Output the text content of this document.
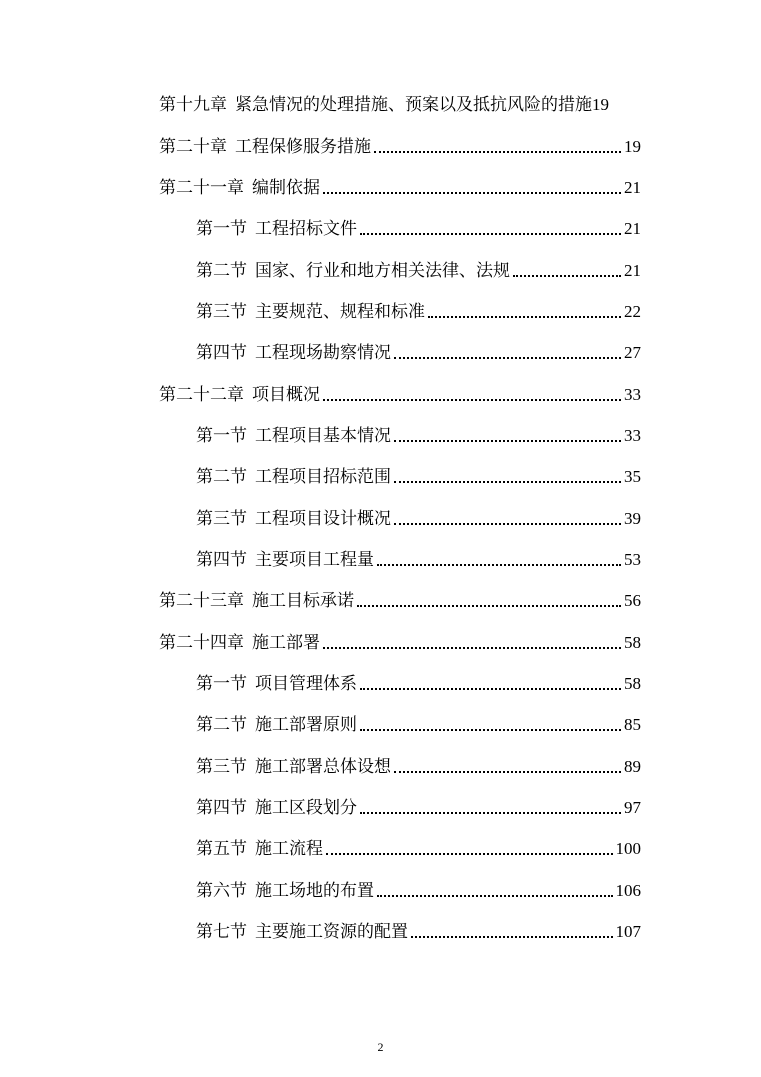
第十九章 紧急情况的处理措施、预案以及抵抗风险的措施 19
第二十章 工程保修服务措施	19
第二十一章 编制依据	21
第一节 工程招标文件	21
第二节 国家、行业和地方相关法律、法规	21
第三节 主要规范、规程和标准	22
第四节 工程现场勘察情况	27
第二十二章 项目概况	33
第一节 工程项目基本情况	33
第二节 工程项目招标范围	35
第三节 工程项目设计概况	39
第四节 主要项目工程量	53
第二十三章 施工目标承诺	56
第二十四章 施工部署	58
第一节 项目管理体系	58
第二节 施工部署原则	85
第三节 施工部署总体设想	89
第四节 施工区段划分	97
第五节 施工流程	100
第六节 施工场地的布置	106
第七节 主要施工资源的配置	107
2
